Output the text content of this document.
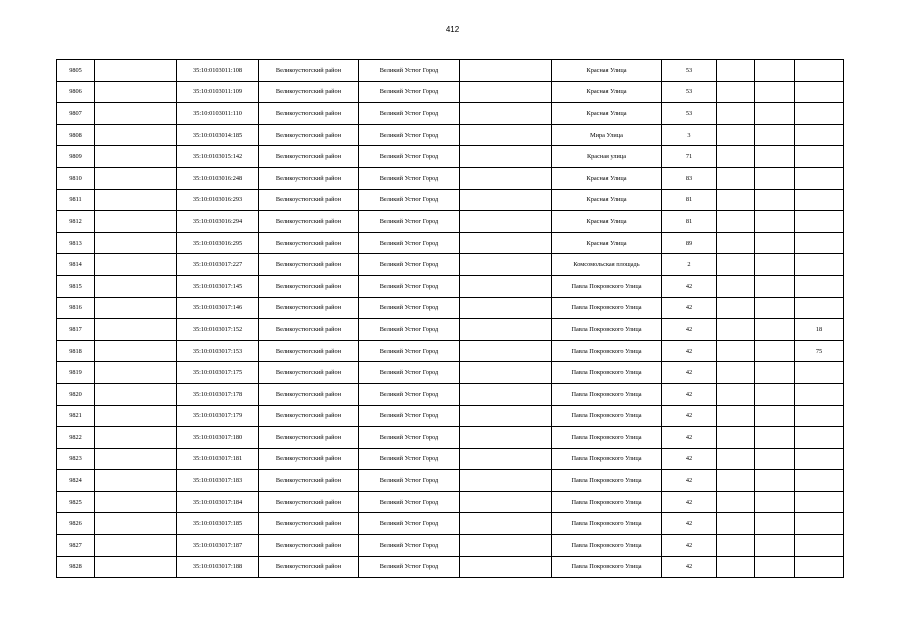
412
9805		35:10:0103011:108	Великоустюгский район	Великий Устюг Город		Красная Улица	53			
9806		35:10:0103011:109	Великоустюгский район	Великий Устюг Город		Красная Улица	53			
9807		35:10:0103011:110	Великоустюгский район	Великий Устюг Город		Красная Улица	53			
9808		35:10:0103014:185	Великоустюгский район	Великий Устюг Город		Мира Улица	3			
9809		35:10:0103015:142	Великоустюгский район	Великий Устюг Город		Красная улица	71			
9810		35:10:0103016:248	Великоустюгский район	Великий Устюг Город		Красная Улица	83			
9811		35:10:0103016:293	Великоустюгский район	Великий Устюг Город		Красная Улица	81			
9812		35:10:0103016:294	Великоустюгский район	Великий Устюг Город		Красная Улица	81			
9813		35:10:0103016:295	Великоустюгский район	Великий Устюг Город		Красная Улица	89			
9814		35:10:0103017:227	Великоустюгский район	Великий Устюг Город		Комсомольская площадь	2			
9815		35:10:0103017:145	Великоустюгский район	Великий Устюг Город		Павла Покровского Улица	42			
9816		35:10:0103017:146	Великоустюгский район	Великий Устюг Город		Павла Покровского Улица	42			
9817		35:10:0103017:152	Великоустюгский район	Великий Устюг Город		Павла Покровского Улица	42			18
9818		35:10:0103017:153	Великоустюгский район	Великий Устюг Город		Павла Покровского Улица	42			75
9819		35:10:0103017:175	Великоустюгский район	Великий Устюг Город		Павла Покровского Улица	42			
9820		35:10:0103017:178	Великоустюгский район	Великий Устюг Город		Павла Покровского Улица	42			
9821		35:10:0103017:179	Великоустюгский район	Великий Устюг Город		Павла Покровского Улица	42			
9822		35:10:0103017:180	Великоустюгский район	Великий Устюг Город		Павла Покровского Улица	42			
9823		35:10:0103017:181	Великоустюгский район	Великий Устюг Город		Павла Покровского Улица	42			
9824		35:10:0103017:183	Великоустюгский район	Великий Устюг Город		Павла Покровского Улица	42			
9825		35:10:0103017:184	Великоустюгский район	Великий Устюг Город		Павла Покровского Улица	42			
9826		35:10:0103017:185	Великоустюгский район	Великий Устюг Город		Павла Покровского Улица	42			
9827		35:10:0103017:187	Великоустюгский район	Великий Устюг Город		Павла Покровского Улица	42			
9828		35:10:0103017:188	Великоустюгский район	Великий Устюг Город		Павла Покровского Улица	42			
